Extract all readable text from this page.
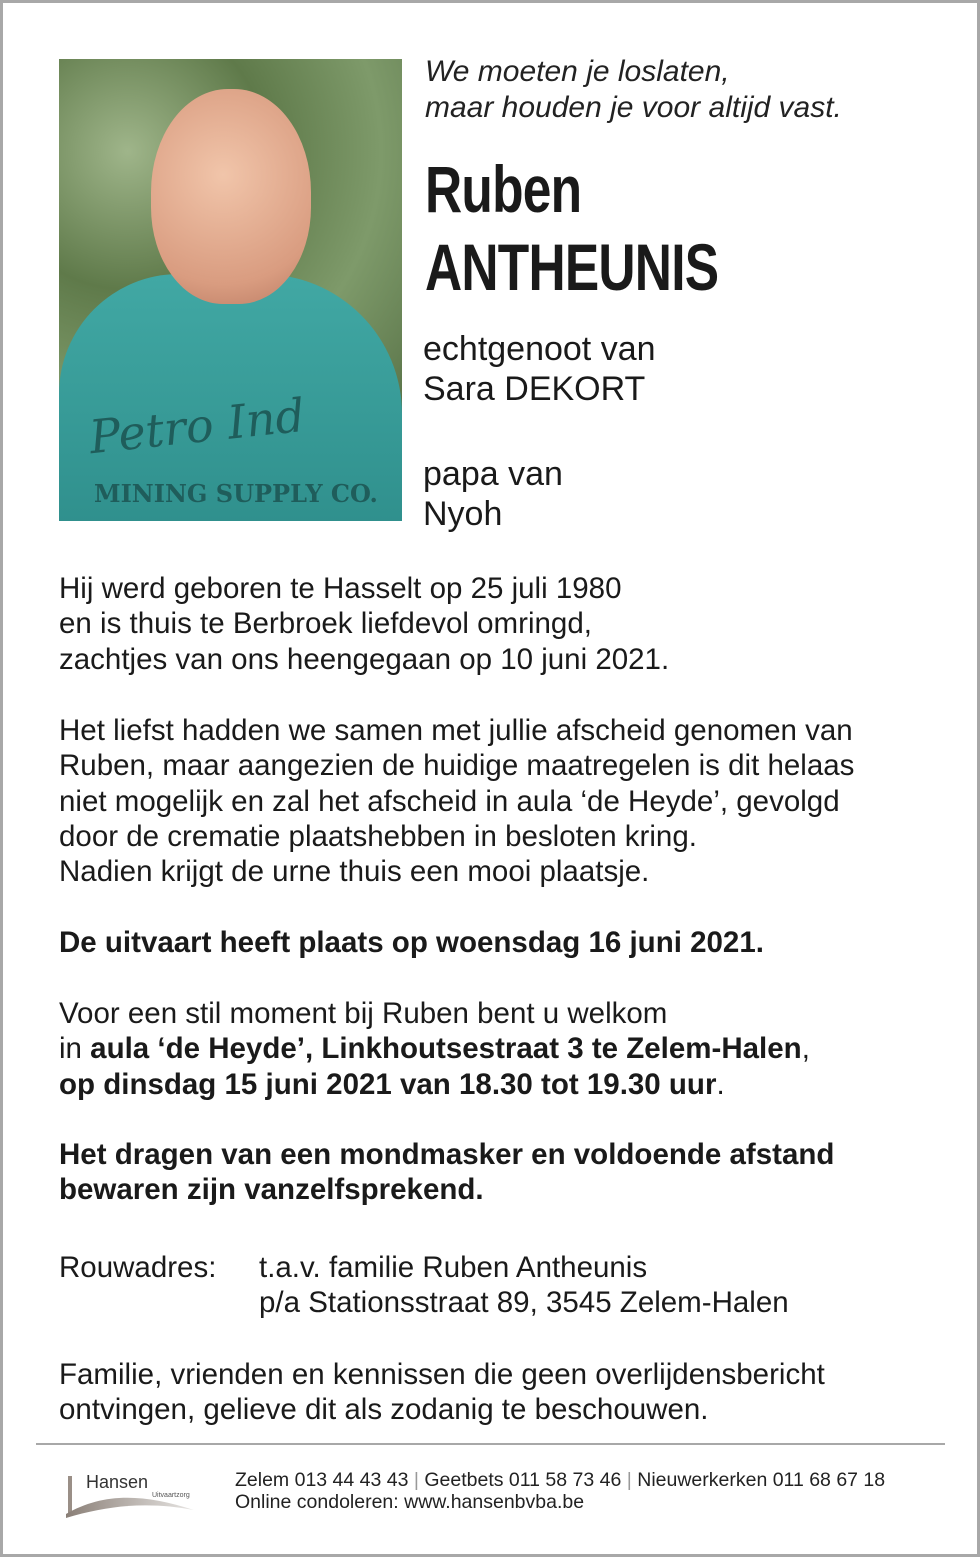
Petro Ind
MINING SUPPLY CO.
We moeten je loslaten,
maar houden je voor altijd vast.
Ruben
ANTHEUNIS
echtgenoot van
Sara DEKORT
papa van
Nyoh
Hij werd geboren te Hasselt op 25 juli 1980
en is thuis te Berbroek liefdevol omringd,
zachtjes van ons heengegaan op 10 juni 2021.
Het liefst hadden we samen met jullie afscheid genomen van
Ruben, maar aangezien de huidige maatregelen is dit helaas
niet mogelijk en zal het afscheid in aula ‘de Heyde’, gevolgd
door de crematie plaatshebben in besloten kring.
Nadien krijgt de urne thuis een mooi plaatsje.
De uitvaart heeft plaats op woensdag 16 juni 2021.
Voor een stil moment bij Ruben bent u welkom
in aula ‘de Heyde’, Linkhoutsestraat 3 te Zelem-Halen,
op dinsdag 15 juni 2021 van 18.30 tot 19.30 uur.
Het dragen van een mondmasker en voldoende afstand
bewaren zijn vanzelfsprekend.
Rouwadres: t.a.v. familie Ruben Antheunis
p/a Stationsstraat 89, 3545 Zelem-Halen
Familie, vrienden en kennissen die geen overlijdensbericht
ontvingen, gelieve dit als zodanig te beschouwen.
Hansen
Uitvaartzorg
Zelem 013 44 43 43 | Geetbets 011 58 73 46 | Nieuwerkerken 011 68 67 18
Online condoleren: www.hansenbvba.be
